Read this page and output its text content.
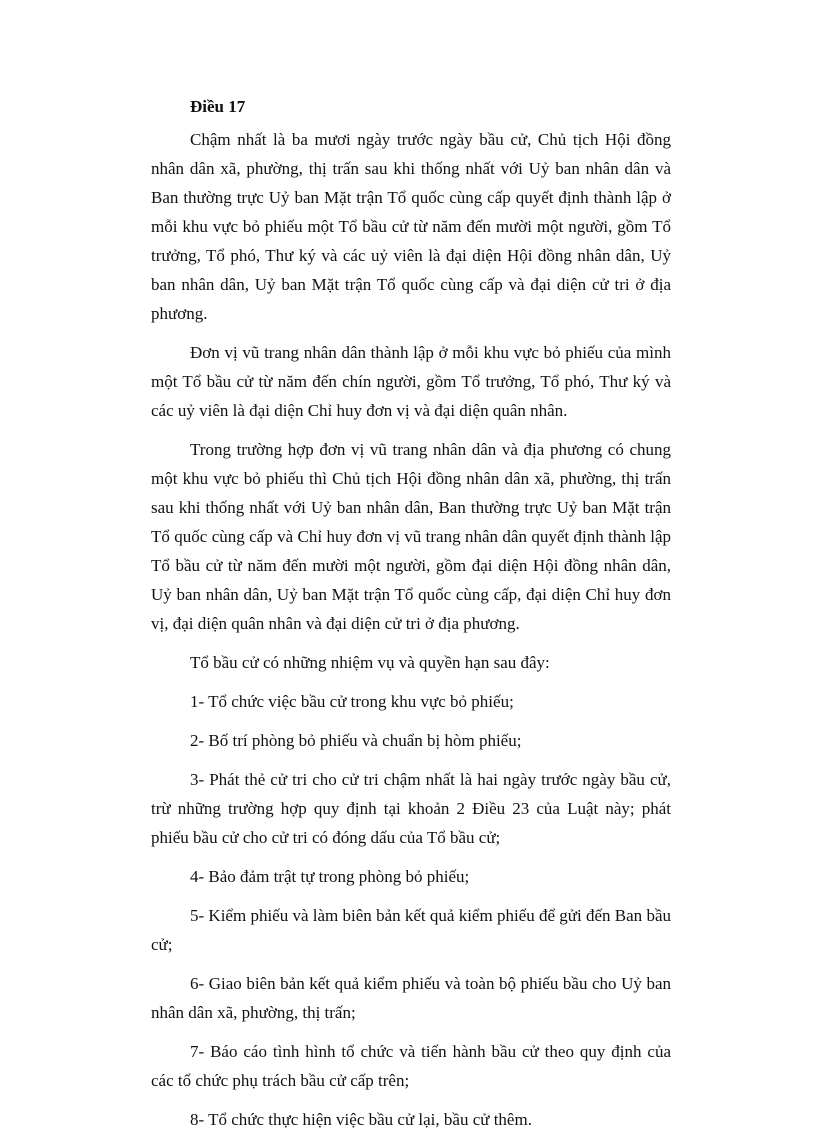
Điều 17

Chậm nhất là ba mươi ngày trước ngày bầu cử, Chủ tịch Hội đồng nhân dân xã, phường, thị trấn sau khi thống nhất với Uỷ ban nhân dân và Ban thường trực Uỷ ban Mặt trận Tổ quốc cùng cấp quyết định thành lập ở mỗi khu vực bỏ phiếu một Tổ bầu cử từ năm đến mười một người, gồm Tổ trưởng, Tổ phó, Thư ký và các uỷ viên là đại diện Hội đồng nhân dân, Uỷ ban nhân dân, Uỷ ban Mặt trận Tổ quốc cùng cấp và đại diện cử tri ở địa phương.

Đơn vị vũ trang nhân dân thành lập ở mỗi khu vực bỏ phiếu của mình một Tổ bầu cử từ năm đến chín người, gồm Tổ trưởng, Tổ phó, Thư ký và các uỷ viên là đại diện Chỉ huy đơn vị và đại diện quân nhân.

Trong trường hợp đơn vị vũ trang nhân dân và địa phương có chung một khu vực bỏ phiếu thì Chủ tịch Hội đồng nhân dân xã, phường, thị trấn sau khi thống nhất với Uỷ ban nhân dân, Ban thường trực Uỷ ban Mặt trận Tổ quốc cùng cấp và Chỉ huy đơn vị vũ trang nhân dân quyết định thành lập Tổ bầu cử từ năm đến mười một người, gồm đại diện Hội đồng nhân dân, Uỷ ban nhân dân, Uỷ ban Mặt trận Tổ quốc cùng cấp, đại diện Chỉ huy đơn vị, đại diện quân nhân và đại diện cử tri ở địa phương.

Tổ bầu cử có những nhiệm vụ và quyền hạn sau đây:

1- Tổ chức việc bầu cử trong khu vực bỏ phiếu;

2- Bố trí phòng bỏ phiếu và chuẩn bị hòm phiếu;

3- Phát thẻ cử tri cho cử tri chậm nhất là hai ngày trước ngày bầu cử, trừ những trường hợp quy định tại khoản 2 Điều 23 của Luật này; phát phiếu bầu cử cho cử tri có đóng dấu của Tổ bầu cử;

4- Bảo đảm trật tự trong phòng bỏ phiếu;

5- Kiểm phiếu và làm biên bản kết quả kiểm phiếu để gửi đến Ban bầu cử;

6- Giao biên bản kết quả kiểm phiếu và toàn bộ phiếu bầu cho Uỷ ban nhân dân xã, phường, thị trấn;

7- Báo cáo tình hình tổ chức và tiến hành bầu cử theo quy định của các tổ chức phụ trách bầu cử cấp trên;

8- Tổ chức thực hiện việc bầu cử lại, bầu cử thêm.
